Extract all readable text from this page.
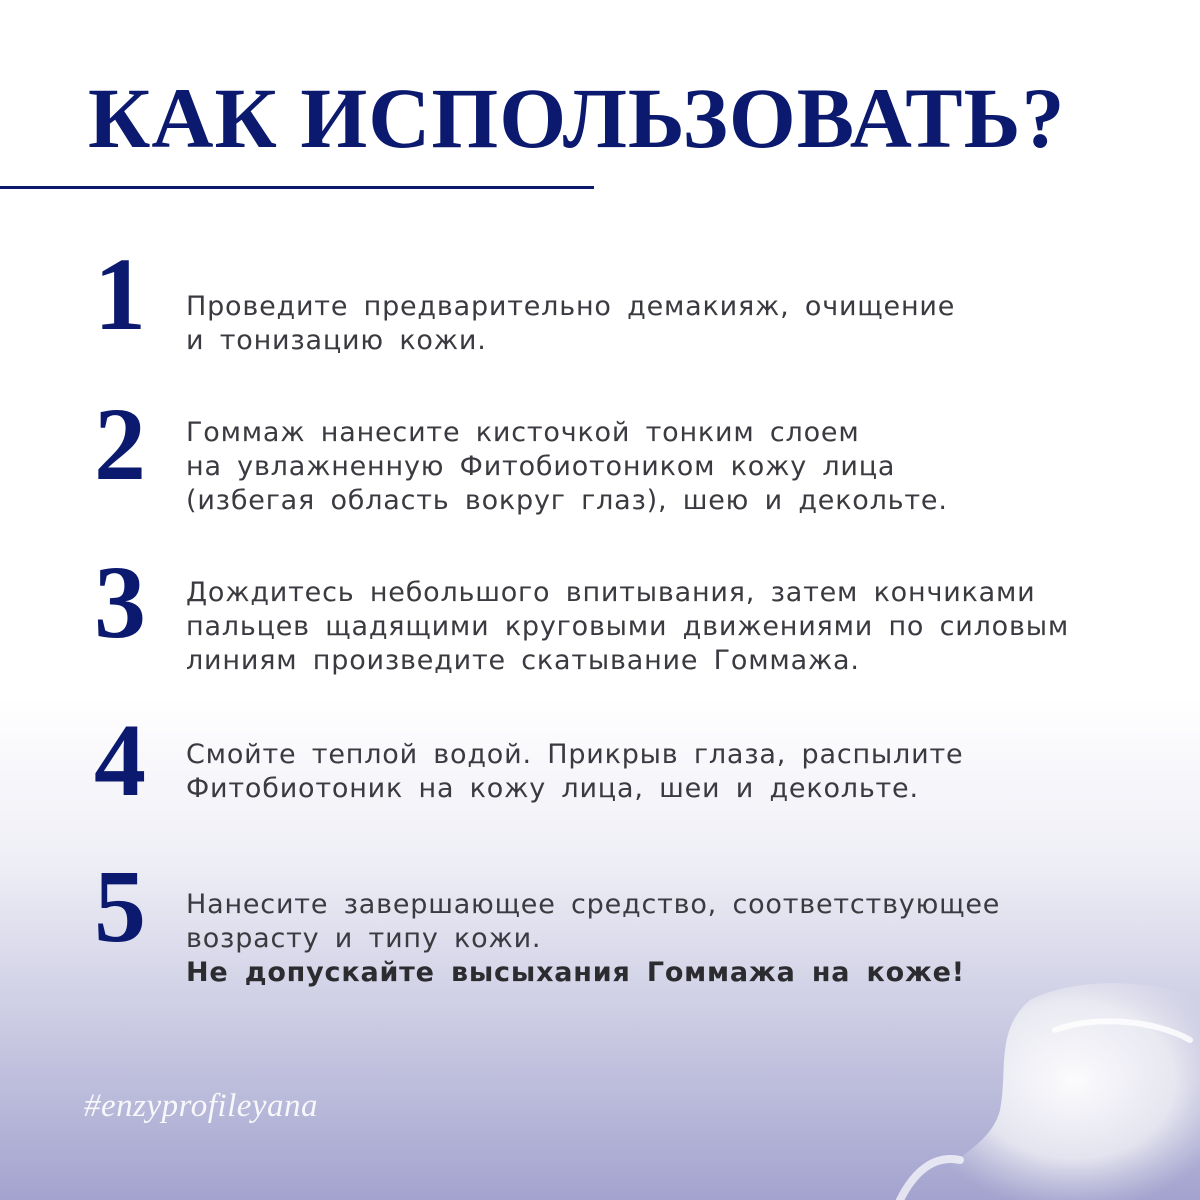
КАК ИСПОЛЬЗОВАТЬ?
1	Проведите предварительно демакияж, очищение
и тонизацию кожи.
2	Гоммаж нанесите кисточкой тонким слоем
на увлажненную Фитобиотоником кожу лица
(избегая область вокруг глаз), шею и декольте.
3	Дождитесь небольшого впитывания, затем кончиками
пальцев щадящими круговыми движениями по силовым
линиям произведите скатывание Гоммажа.
4	Смойте теплой водой. Прикрыв глаза, распылите
Фитобиотоник на кожу лица, шеи и декольте.
5	Нанесите завершающее средство, соответствующее
возрасту и типу кожи.
Не допускайте высыхания Гоммажа на коже!
#enzyprofileyana
